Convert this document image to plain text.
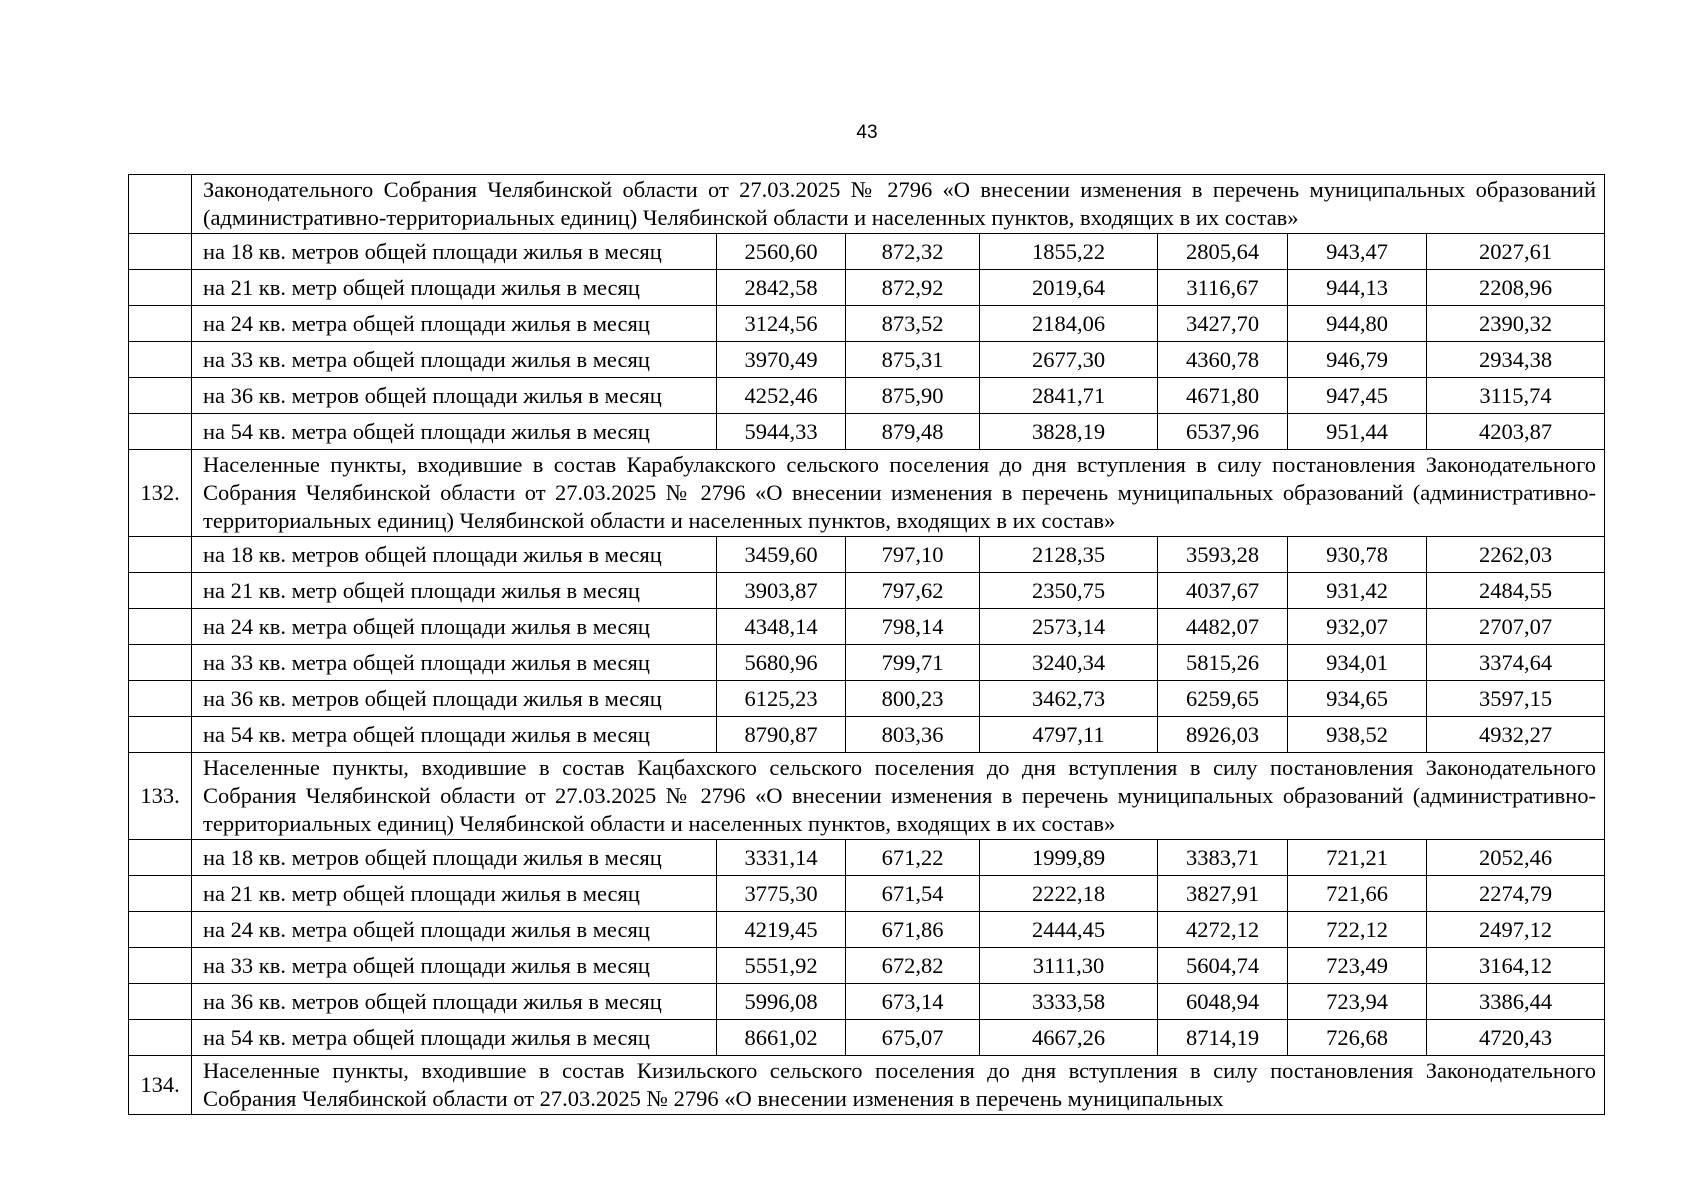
43
	Законодательного Собрания Челябинской области от 27.03.2025 № 2796 «О внесении изменения в перечень муниципальных образований (административно-территориальных единиц) Челябинской области и населенных пунктов, входящих в их состав»						
	на 18 кв. метров общей площади жилья в месяц	2560,60	872,32	1855,22	2805,64	943,47	2027,61
	на 21 кв. метр общей площади жилья в месяц	2842,58	872,92	2019,64	3116,67	944,13	2208,96
	на 24 кв. метра общей площади жилья в месяц	3124,56	873,52	2184,06	3427,70	944,80	2390,32
	на 33 кв. метра общей площади жилья в месяц	3970,49	875,31	2677,30	4360,78	946,79	2934,38
	на 36 кв. метров общей площади жилья в месяц	4252,46	875,90	2841,71	4671,80	947,45	3115,74
	на 54 кв. метра общей площади жилья в месяц	5944,33	879,48	3828,19	6537,96	951,44	4203,87
132.	Населенные пункты, входившие в состав Карабулакского сельского поселения до дня вступления в силу постановления Законодательного Собрания Челябинской области от 27.03.2025 № 2796 «О внесении изменения в перечень муниципальных образований (административно-территориальных единиц) Челябинской области и населенных пунктов, входящих в их состав»						
	на 18 кв. метров общей площади жилья в месяц	3459,60	797,10	2128,35	3593,28	930,78	2262,03
	на 21 кв. метр общей площади жилья в месяц	3903,87	797,62	2350,75	4037,67	931,42	2484,55
	на 24 кв. метра общей площади жилья в месяц	4348,14	798,14	2573,14	4482,07	932,07	2707,07
	на 33 кв. метра общей площади жилья в месяц	5680,96	799,71	3240,34	5815,26	934,01	3374,64
	на 36 кв. метров общей площади жилья в месяц	6125,23	800,23	3462,73	6259,65	934,65	3597,15
	на 54 кв. метра общей площади жилья в месяц	8790,87	803,36	4797,11	8926,03	938,52	4932,27
133.	Населенные пункты, входившие в состав Кацбахского сельского поселения до дня вступления в силу постановления Законодательного Собрания Челябинской области от 27.03.2025 № 2796 «О внесении изменения в перечень муниципальных образований (административно-территориальных единиц) Челябинской области и населенных пунктов, входящих в их состав»						
	на 18 кв. метров общей площади жилья в месяц	3331,14	671,22	1999,89	3383,71	721,21	2052,46
	на 21 кв. метр общей площади жилья в месяц	3775,30	671,54	2222,18	3827,91	721,66	2274,79
	на 24 кв. метра общей площади жилья в месяц	4219,45	671,86	2444,45	4272,12	722,12	2497,12
	на 33 кв. метра общей площади жилья в месяц	5551,92	672,82	3111,30	5604,74	723,49	3164,12
	на 36 кв. метров общей площади жилья в месяц	5996,08	673,14	3333,58	6048,94	723,94	3386,44
	на 54 кв. метра общей площади жилья в месяц	8661,02	675,07	4667,26	8714,19	726,68	4720,43
134.	Населенные пункты, входившие в состав Кизильского сельского поселения до дня вступления в силу постановления Законодательного Собрания Челябинской области от 27.03.2025 № 2796 «О внесении изменения в перечень муниципальных						
